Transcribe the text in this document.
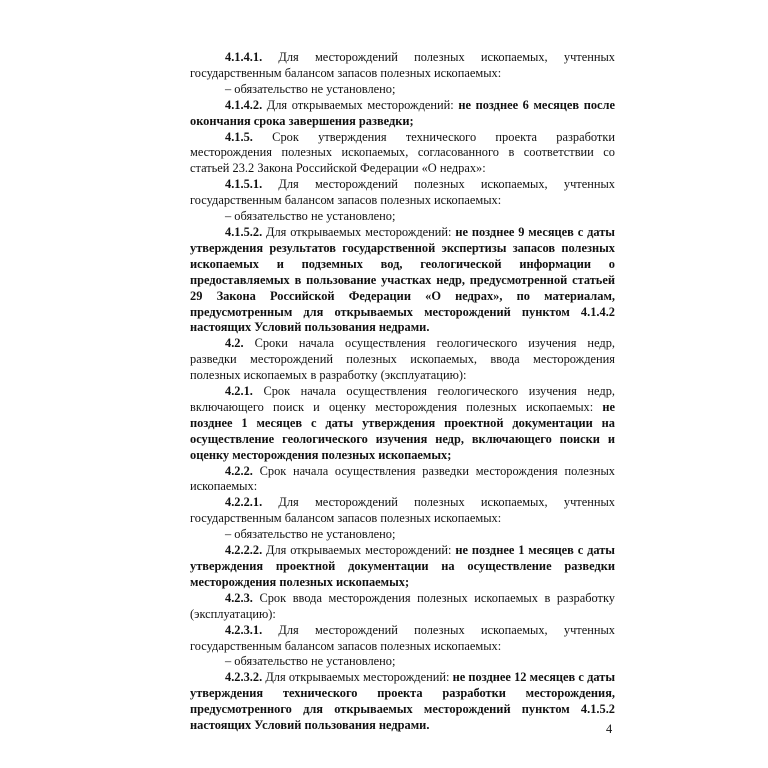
4.1.4.1. Для месторождений полезных ископаемых, учтенных государственным балансом запасов полезных ископаемых:

– обязательство не установлено;

4.1.4.2. Для открываемых месторождений: не позднее 6 месяцев после окончания срока завершения разведки;

4.1.5. Срок утверждения технического проекта разработки месторождения полезных ископаемых, согласованного в соответствии со статьей 23.2 Закона Российской Федерации «О недрах»:

4.1.5.1. Для месторождений полезных ископаемых, учтенных государственным балансом запасов полезных ископаемых:

– обязательство не установлено;

4.1.5.2. Для открываемых месторождений: не позднее 9 месяцев с даты утверждения результатов государственной экспертизы запасов полезных ископаемых и подземных вод, геологической информации о предоставляемых в пользование участках недр, предусмотренной статьей 29 Закона Российской Федерации «О недрах», по материалам, предусмотренным для открываемых месторождений пунктом 4.1.4.2 настоящих Условий пользования недрами.

4.2. Сроки начала осуществления геологического изучения недр, разведки месторождений полезных ископаемых, ввода месторождения полезных ископаемых в разработку (эксплуатацию):

4.2.1. Срок начала осуществления геологического изучения недр, включающего поиск и оценку месторождения полезных ископаемых: не позднее 1 месяцев с даты утверждения проектной документации на осуществление геологического изучения недр, включающего поиски и оценку месторождения полезных ископаемых;

4.2.2. Срок начала осуществления разведки месторождения полезных ископаемых:

4.2.2.1. Для месторождений полезных ископаемых, учтенных государственным балансом запасов полезных ископаемых:

– обязательство не установлено;

4.2.2.2. Для открываемых месторождений: не позднее 1 месяцев с даты утверждения проектной документации на осуществление разведки месторождения полезных ископаемых;

4.2.3. Срок ввода месторождения полезных ископаемых в разработку (эксплуатацию):

4.2.3.1. Для месторождений полезных ископаемых, учтенных государственным балансом запасов полезных ископаемых:

– обязательство не установлено;

4.2.3.2. Для открываемых месторождений: не позднее 12 месяцев с даты утверждения технического проекта разработки месторождения, предусмотренного для открываемых месторождений пунктом 4.1.5.2 настоящих Условий пользования недрами.	4
